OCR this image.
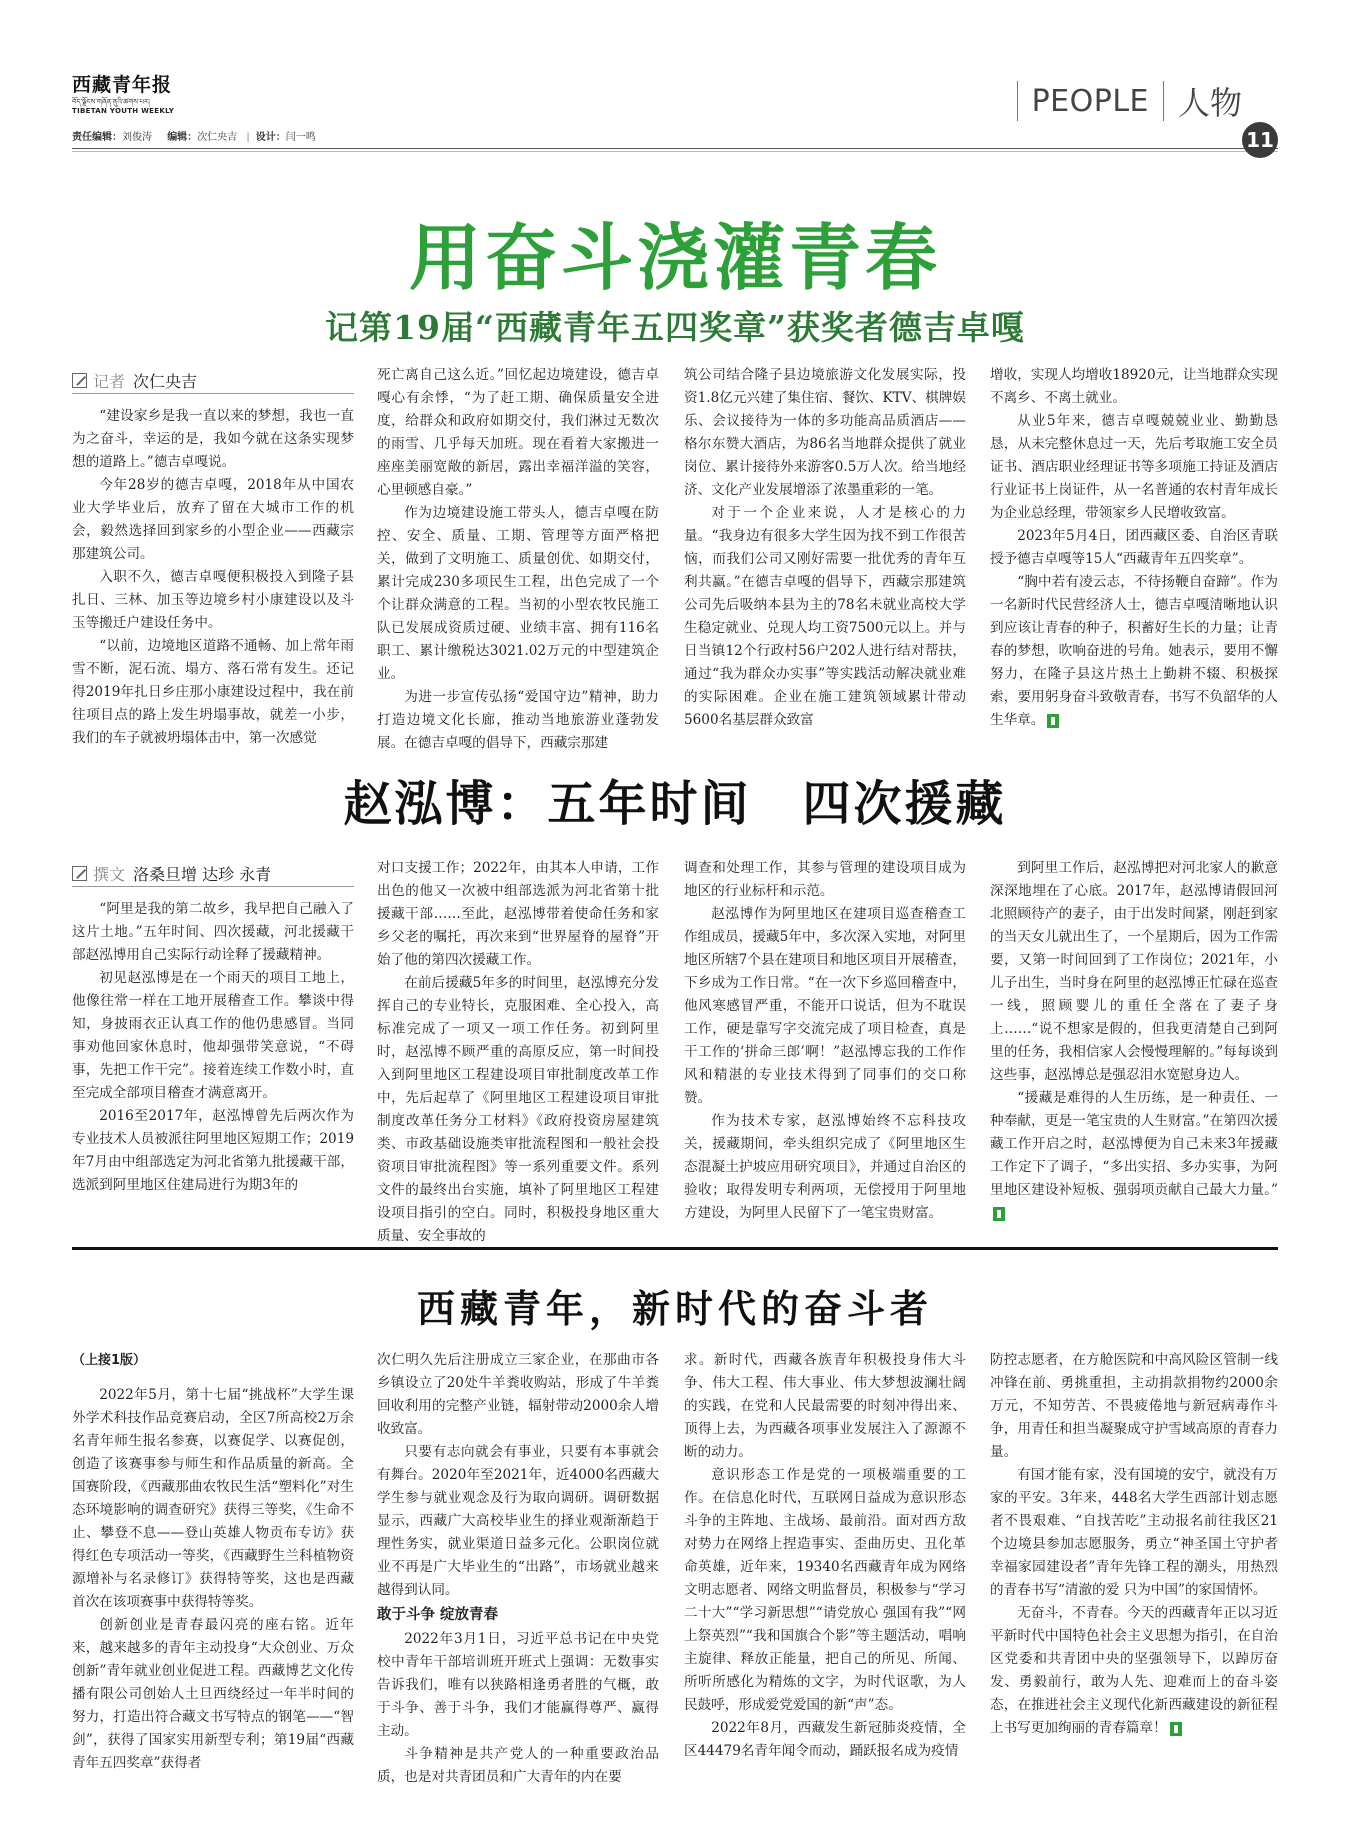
西藏青年报
བོད་ལྗོངས་གཞོན་ནུའི་ཚགས་པར།
TIBETAN YOUTH WEEKLY
责任编辑：刘俊涛 编辑：次仁央吉 | 设计：闫一鸣
PEOPLE 人物
11
用奋斗浇灌青春
记第19届“西藏青年五四奖章”获奖者德吉卓嘎
记者 次仁央吉

“建设家乡是我一直以来的梦想，我也一直为之奋斗，幸运的是，我如今就在这条实现梦想的道路上。”德吉卓嘎说。

今年28岁的德吉卓嘎，2018年从中国农业大学毕业后，放弃了留在大城市工作的机会，毅然选择回到家乡的小型企业——西藏宗那建筑公司。

入职不久，德吉卓嘎便积极投入到隆子县扎日、三林、加玉等边境乡村小康建设以及斗玉等搬迁户建设任务中。

“以前，边境地区道路不通畅、加上常年雨雪不断，泥石流、塌方、落石常有发生。还记得2019年扎日乡庄那小康建设过程中，我在前往项目点的路上发生坍塌事故，就差一小步，我们的车子就被坍塌体击中，第一次感觉

死亡离自己这么近。”回忆起边境建设，德吉卓嘎心有余悸，“为了赶工期、确保质量安全进度，给群众和政府如期交付，我们淋过无数次的雨雪、几乎每天加班。现在看着大家搬进一座座美丽宽敞的新居，露出幸福洋溢的笑容，心里顿感自豪。”

作为边境建设施工带头人，德吉卓嘎在防控、安全、质量、工期、管理等方面严格把关，做到了文明施工、质量创优、如期交付，累计完成230多项民生工程，出色完成了一个个让群众满意的工程。当初的小型农牧民施工队已发展成资质过硬、业绩丰富、拥有116名职工、累计缴税达3021.02万元的中型建筑企业。

为进一步宣传弘扬“爱国守边”精神，助力打造边境文化长廊，推动当地旅游业蓬勃发展。在德吉卓嘎的倡导下，西藏宗那建

筑公司结合隆子县边境旅游文化发展实际，投资1.8亿元兴建了集住宿、餐饮、KTV、棋牌娱乐、会议接待为一体的多功能高品质酒店——格尔东赞大酒店，为86名当地群众提供了就业岗位、累计接待外来游客0.5万人次。给当地经济、文化产业发展增添了浓墨重彩的一笔。

对于一个企业来说，人才是核心的力量。“我身边有很多大学生因为找不到工作很苦恼，而我们公司又刚好需要一批优秀的青年互利共赢。”在德吉卓嘎的倡导下，西藏宗那建筑公司先后吸纳本县为主的78名未就业高校大学生稳定就业、兑现人均工资7500元以上。并与日当镇12个行政村56户202人进行结对帮扶，通过“我为群众办实事”等实践活动解决就业难的实际困难。企业在施工建筑领域累计带动5600名基层群众致富

增收，实现人均增收18920元，让当地群众实现不离乡、不离土就业。

从业5年来，德吉卓嘎兢兢业业、勤勤恳恳，从未完整休息过一天，先后考取施工安全员证书、酒店职业经理证书等多项施工持证及酒店行业证书上岗证件，从一名普通的农村青年成长为企业总经理，带领家乡人民增收致富。

2023年5月4日，团西藏区委、自治区青联授予德吉卓嘎等15人“西藏青年五四奖章”。

“胸中若有凌云志，不待扬鞭自奋蹄”。作为一名新时代民营经济人士，德吉卓嘎清晰地认识到应该让青春的种子，积蓄好生长的力量；让青春的梦想，吹响奋进的号角。她表示，要用不懈努力，在隆子县这片热土上勤耕不辍、积极探索，要用躬身奋斗致敬青春，书写不负韶华的人生华章。

赵泓博：五年时间　四次援藏
撰文 洛桑旦增 达珍 永青

“阿里是我的第二故乡，我早把自己融入了这片土地。”五年时间、四次援藏，河北援藏干部赵泓博用自己实际行动诠释了援藏精神。

初见赵泓博是在一个雨天的项目工地上，他像往常一样在工地开展稽查工作。攀谈中得知，身披雨衣正认真工作的他仍患感冒。当同事劝他回家休息时，他却强带笑意说，“不碍事，先把工作干完”。接着连续工作数小时，直至完成全部项目稽查才满意离开。

2016至2017年，赵泓博曾先后两次作为专业技术人员被派往阿里地区短期工作；2019年7月由中组部选定为河北省第九批援藏干部，选派到阿里地区住建局进行为期3年的

对口支援工作；2022年，由其本人申请，工作出色的他又一次被中组部选派为河北省第十批援藏干部……至此，赵泓博带着使命任务和家乡父老的嘱托，再次来到“世界屋脊的屋脊”开始了他的第四次援藏工作。

在前后援藏5年多的时间里，赵泓博充分发挥自己的专业特长，克服困难、全心投入，高标准完成了一项又一项工作任务。初到阿里时，赵泓博不顾严重的高原反应，第一时间投入到阿里地区工程建设项目审批制度改革工作中，先后起草了《阿里地区工程建设项目审批制度改革任务分工材料》《政府投资房屋建筑类、市政基础设施类审批流程图和一般社会投资项目审批流程图》等一系列重要文件。系列文件的最终出台实施，填补了阿里地区工程建设项目指引的空白。同时，积极投身地区重大质量、安全事故的

调查和处理工作，其参与管理的建设项目成为地区的行业标杆和示范。

赵泓博作为阿里地区在建项目巡查稽查工作组成员，援藏5年中，多次深入实地，对阿里地区所辖7个县在建项目和地区项目开展稽查，下乡成为工作日常。“在一次下乡巡回稽查中，他风寒感冒严重，不能开口说话，但为不耽误工作，硬是靠写字交流完成了项目检查，真是干工作的‘拼命三郎’啊！”赵泓博忘我的工作作风和精湛的专业技术得到了同事们的交口称赞。

作为技术专家，赵泓博始终不忘科技攻关，援藏期间，牵头组织完成了《阿里地区生态混凝土护坡应用研究项目》，并通过自治区的验收；取得发明专利两项，无偿授用于阿里地方建设，为阿里人民留下了一笔宝贵财富。

到阿里工作后，赵泓博把对河北家人的歉意深深地埋在了心底。2017年，赵泓博请假回河北照顾待产的妻子，由于出发时间紧，刚赶到家的当天女儿就出生了，一个星期后，因为工作需要，又第一时间回到了工作岗位；2021年，小儿子出生，当时身在阿里的赵泓博正忙碌在巡查一线，照顾婴儿的重任全落在了妻子身上……“说不想家是假的，但我更清楚自己到阿里的任务，我相信家人会慢慢理解的。”每每谈到这些事，赵泓博总是强忍泪水宽慰身边人。

“援藏是难得的人生历练，是一种责任、一种奉献，更是一笔宝贵的人生财富。”在第四次援藏工作开启之时，赵泓博便为自己未来3年援藏工作定下了调子，“多出实招、多办实事，为阿里地区建设补短板、强弱项贡献自己最大力量。”

西藏青年，新时代的奋斗者

（上接1版）

2022年5月，第十七届“挑战杯”大学生课外学术科技作品竞赛启动，全区7所高校2万余名青年师生报名参赛，以赛促学、以赛促创，创造了该赛事参与师生和作品质量的新高。全国赛阶段，《西藏那曲农牧民生活“塑料化”对生态环境影响的调查研究》获得三等奖，《生命不止、攀登不息——登山英雄人物贡布专访》获得红色专项活动一等奖，《西藏野生兰科植物资源增补与名录修订》获得特等奖，这也是西藏首次在该项赛事中获得特等奖。

创新创业是青春最闪亮的座右铭。近年来，越来越多的青年主动投身“大众创业、万众创新”青年就业创业促进工程。西藏博艺文化传播有限公司创始人土旦西绕经过一年半时间的努力，打造出符合藏文书写特点的钢笔——“智剑”，获得了国家实用新型专利；第19届“西藏青年五四奖章”获得者

次仁明久先后注册成立三家企业，在那曲市各乡镇设立了20处牛羊粪收购站，形成了牛羊粪回收利用的完整产业链，辐射带动2000余人增收致富。

只要有志向就会有事业，只要有本事就会有舞台。2020年至2021年，近4000名西藏大学生参与就业观念及行为取向调研。调研数据显示，西藏广大高校毕业生的择业观渐渐趋于理性务实，就业渠道日益多元化。公职岗位就业不再是广大毕业生的“出路”，市场就业越来越得到认同。

敢于斗争 绽放青春

2022年3月1日，习近平总书记在中央党校中青年干部培训班开班式上强调：无数事实告诉我们，唯有以狭路相逢勇者胜的气概，敢于斗争、善于斗争，我们才能赢得尊严、赢得主动。

斗争精神是共产党人的一种重要政治品质，也是对共青团员和广大青年的内在要

求。新时代，西藏各族青年积极投身伟大斗争、伟大工程、伟大事业、伟大梦想波澜壮阔的实践，在党和人民最需要的时刻冲得出来、顶得上去，为西藏各项事业发展注入了源源不断的动力。

意识形态工作是党的一项极端重要的工作。在信息化时代，互联网日益成为意识形态斗争的主阵地、主战场、最前沿。面对西方敌对势力在网络上捏造事实、歪曲历史、丑化革命英雄，近年来，19340名西藏青年成为网络文明志愿者、网络文明监督员，积极参与“学习二十大”“学习新思想”“请党放心 强国有我”“网上祭英烈”“我和国旗合个影”等主题活动，唱响主旋律、释放正能量，把自己的所见、所闻、所听所感化为精炼的文字，为时代讴歌，为人民鼓呼，形成爱党爱国的新“声”态。

2022年8月，西藏发生新冠肺炎疫情，全区44479名青年闻令而动，踊跃报名成为疫情

防控志愿者，在方舱医院和中高风险区管制一线冲锋在前、勇挑重担，主动捐款捐物约2000余万元，不知劳苦、不畏疲倦地与新冠病毒作斗争，用青任和担当凝聚成守护雪域高原的青春力量。

有国才能有家，没有国境的安宁，就没有万家的平安。3年来，448名大学生西部计划志愿者不畏艰难、“自找苦吃”主动报名前往我区21个边境县参加志愿服务，勇立“神圣国土守护者 幸福家园建设者”青年先锋工程的潮头，用热烈的青春书写“清澈的爱 只为中国”的家国情怀。

无奋斗，不青春。今天的西藏青年正以习近平新时代中国特色社会主义思想为指引，在自治区党委和共青团中央的坚强领导下，以踔厉奋发、勇毅前行，敢为人先、迎难而上的奋斗姿态，在推进社会主义现代化新西藏建设的新征程上书写更加绚丽的青春篇章！
